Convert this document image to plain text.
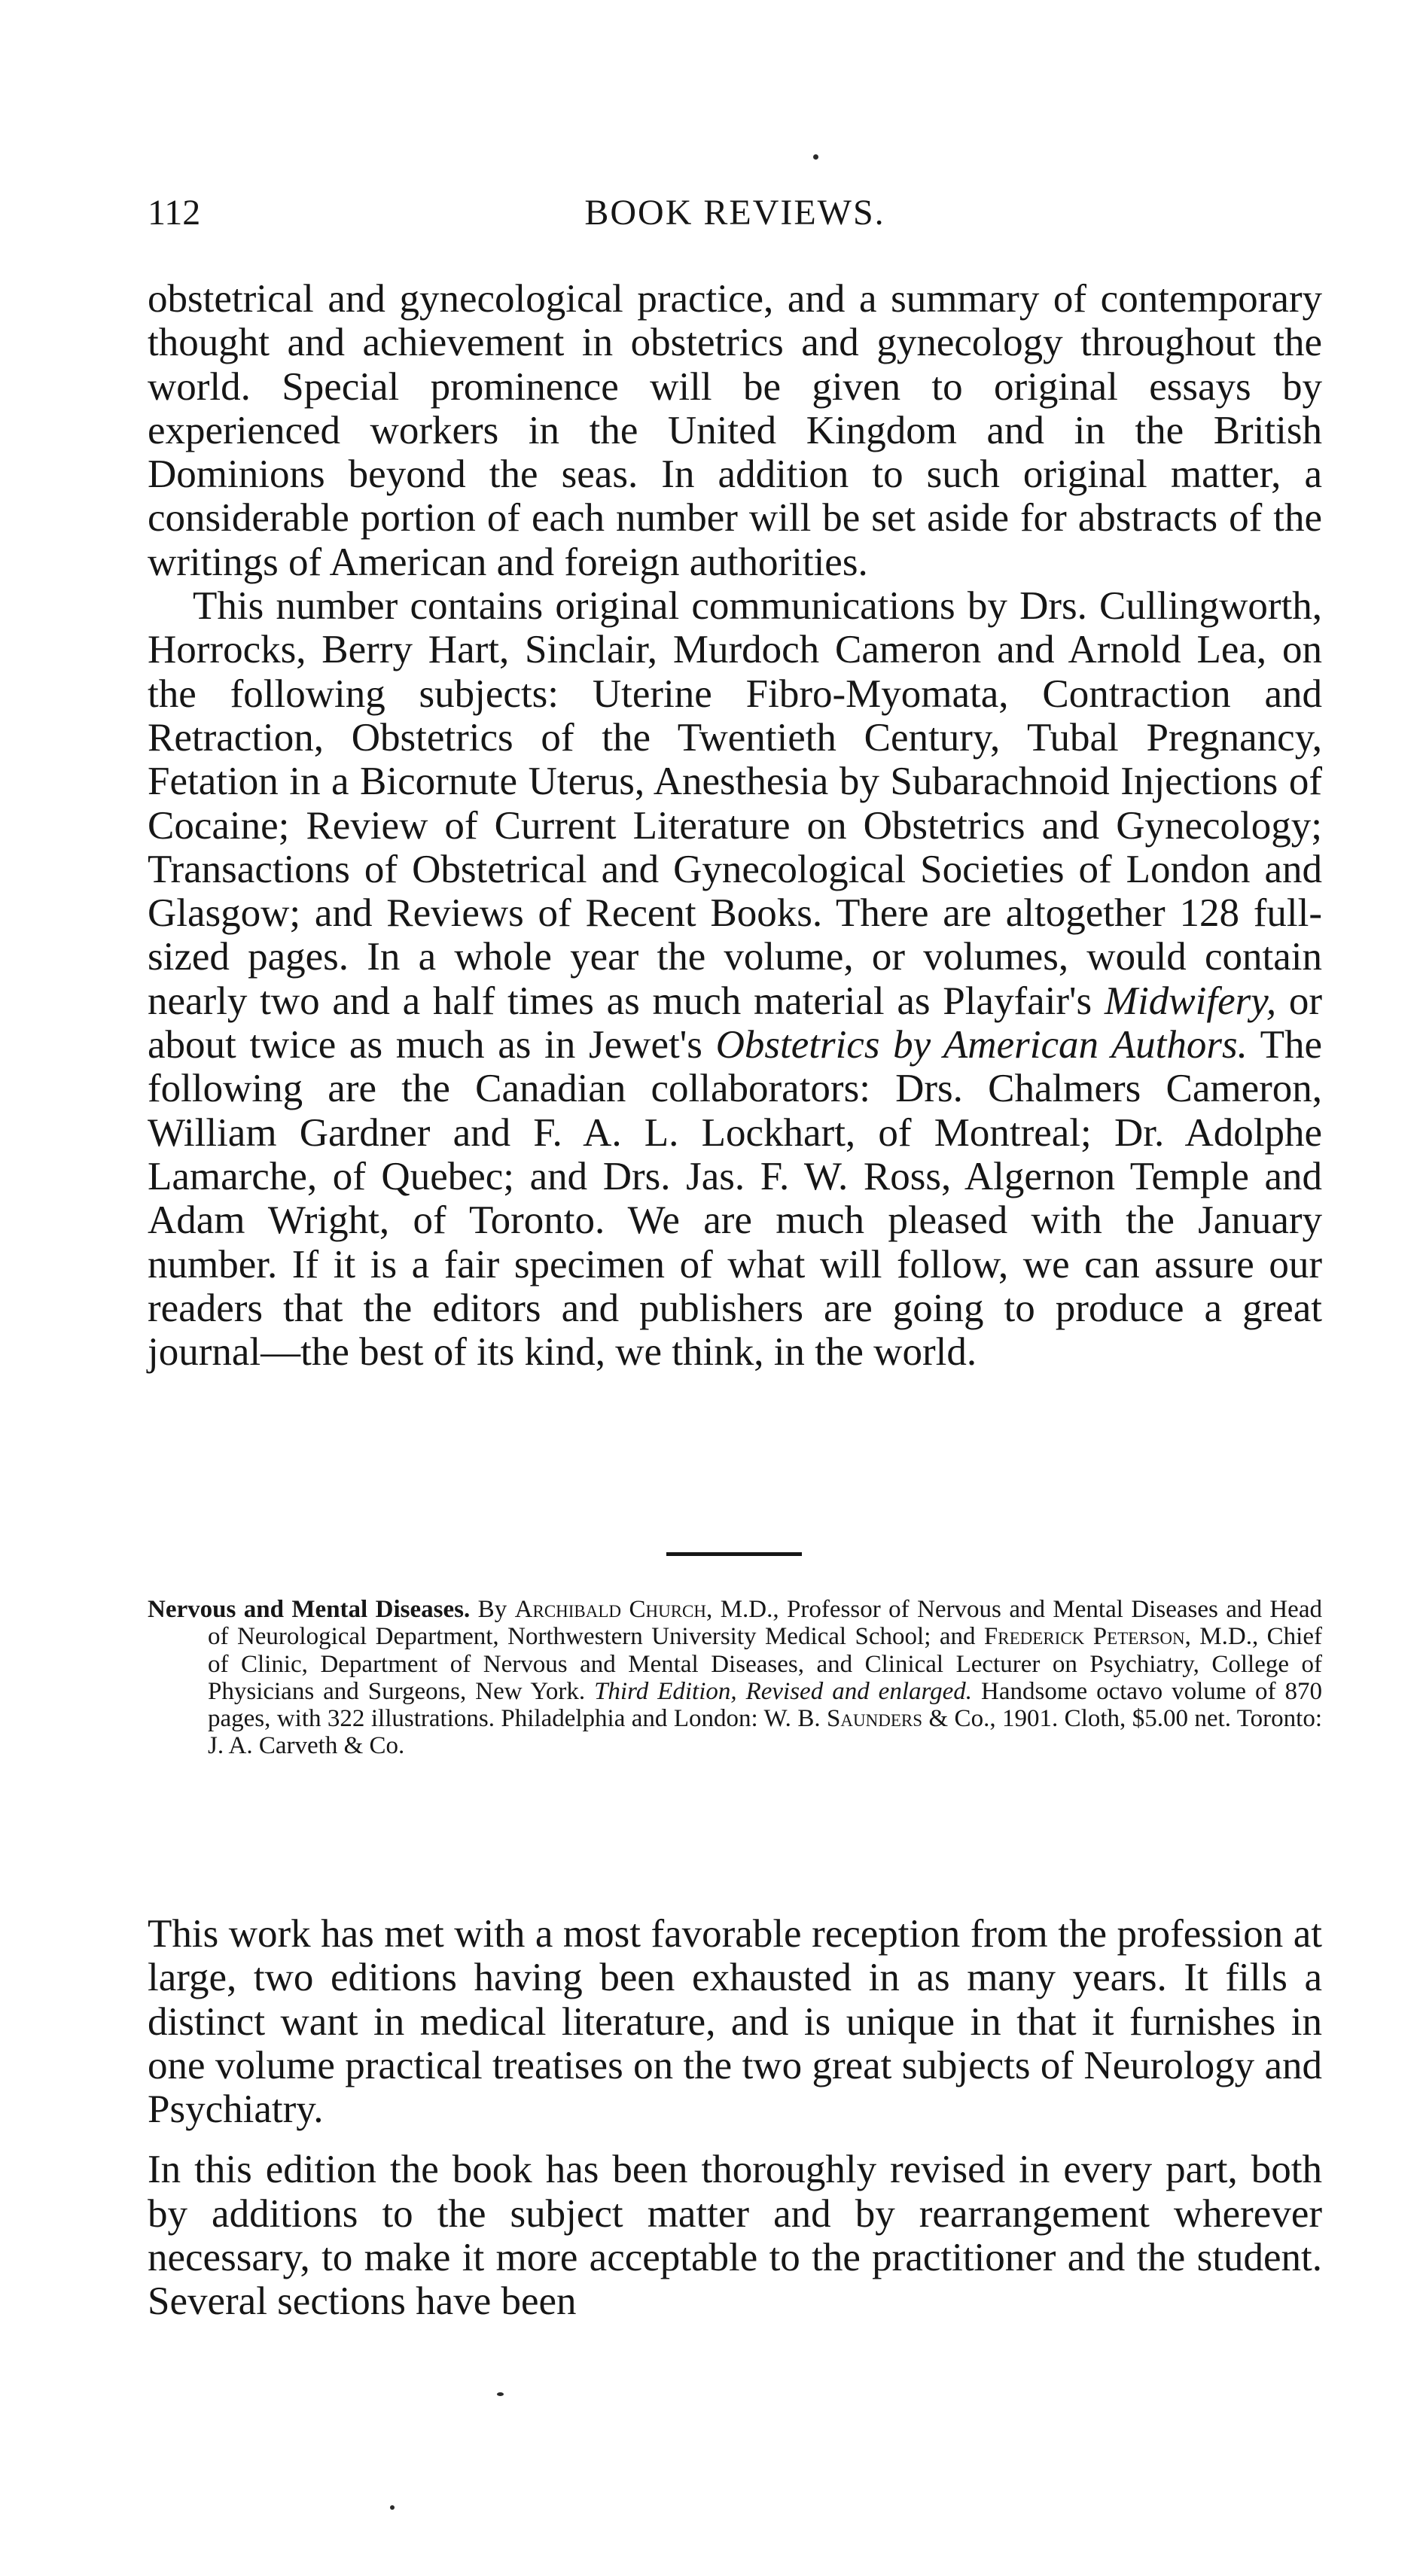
112	BOOK REVIEWS.

obstetrical and gynecological practice, and a summary of contemporary thought and achievement in obstetrics and gynecology throughout the world. Special prominence will be given to original essays by experienced workers in the United Kingdom and in the British Dominions beyond the seas. In addition to such original matter, a considerable portion of each number will be set aside for abstracts of the writings of American and foreign authorities.

This number contains original communications by Drs. Cullingworth, Horrocks, Berry Hart, Sinclair, Murdoch Cameron and Arnold Lea, on the following subjects: Uterine Fibro-Myomata, Contraction and Retraction, Obstetrics of the Twentieth Century, Tubal Pregnancy, Fetation in a Bicornute Uterus, Anesthesia by Subarachnoid Injections of Cocaine; Review of Current Literature on Obstetrics and Gynecology; Transactions of Obstetrical and Gynecological Societies of London and Glasgow; and Reviews of Recent Books. There are altogether 128 full-sized pages. In a whole year the volume, or volumes, would contain nearly two and a half times as much material as Playfair's Midwifery, or about twice as much as in Jewet's Obstetrics by American Authors. The following are the Canadian collaborators: Drs. Chalmers Cameron, William Gardner and F. A. L. Lockhart, of Montreal; Dr. Adolphe Lamarche, of Quebec; and Drs. Jas. F. W. Ross, Algernon Temple and Adam Wright, of Toronto. We are much pleased with the January number. If it is a fair specimen of what will follow, we can assure our readers that the editors and publishers are going to produce a great journal—the best of its kind, we think, in the world.

Nervous and Mental Diseases. By Archibald Church, M.D., Professor of Nervous and Mental Diseases and Head of Neurological Department, Northwestern University Medical School; and Frederick Peterson, M.D., Chief of Clinic, Department of Nervous and Mental Diseases, and Clinical Lecturer on Psychiatry, College of Physicians and Surgeons, New York. Third Edition, Revised and enlarged. Handsome octavo volume of 870 pages, with 322 illustrations. Philadelphia and London: W. B. Saunders & Co., 1901. Cloth, $5.00 net. Toronto: J. A. Carveth & Co.

This work has met with a most favorable reception from the profession at large, two editions having been exhausted in as many years. It fills a distinct want in medical literature, and is unique in that it furnishes in one volume practical treatises on the two great subjects of Neurology and Psychiatry.

In this edition the book has been thoroughly revised in every part, both by additions to the subject matter and by rearrangement wherever necessary, to make it more acceptable to the practitioner and the student. Several sections have been
